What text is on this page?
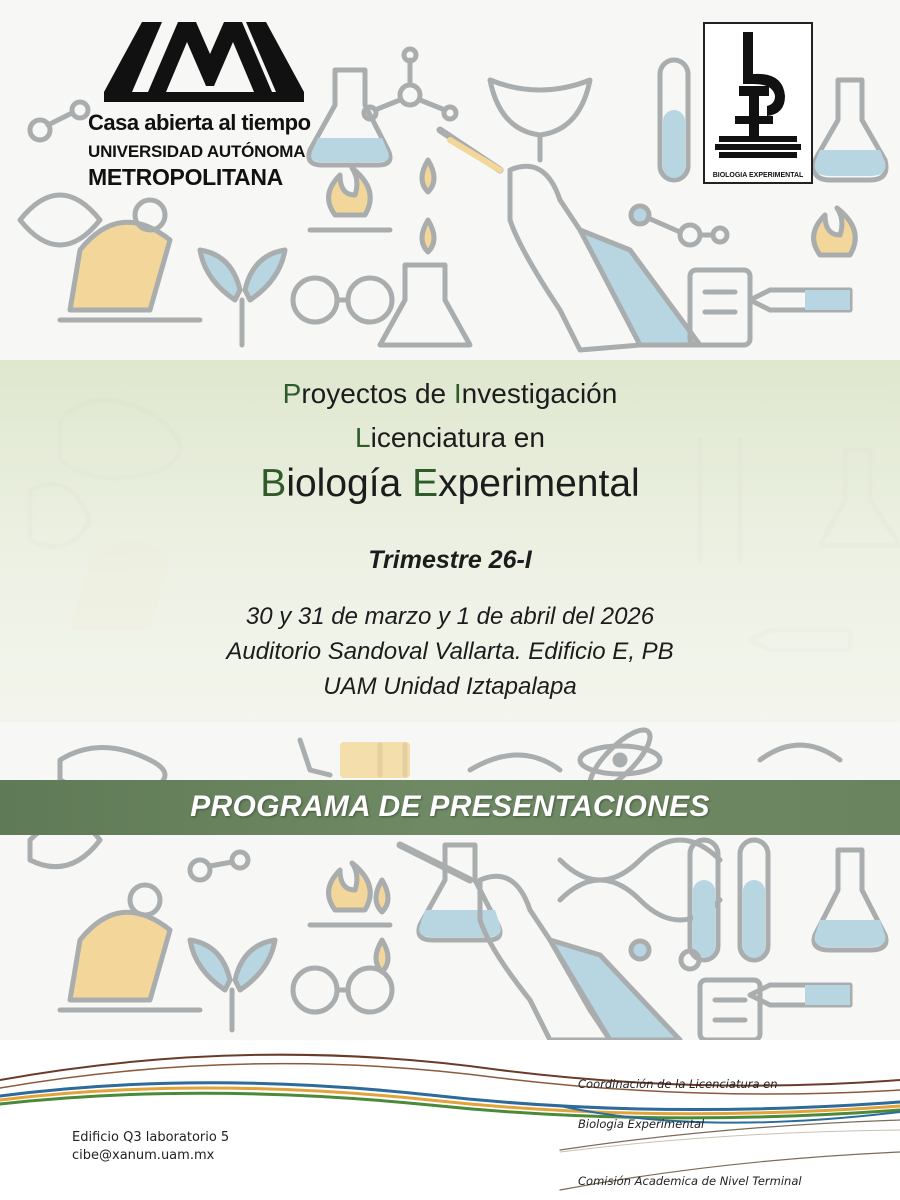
Casa abierta al tiempo
UNIVERSIDAD AUTÓNOMA
METROPOLITANA	BIOLOGIA EXPERIMENTAL
Proyectos de Investigación
Licenciatura en
Biología Experimental
Trimestre 26-I
30 y 31 de marzo y 1 de abril del 2026
Auditorio Sandoval Vallarta. Edificio E, PB
UAM Unidad Iztapalapa
PROGRAMA DE PRESENTACIONES
Edificio Q3 laboratorio 5
cibe@xanum.uam.mx
Coordinación de la Licenciatura en
Biologia Experimental
Comisión Academica de Nivel Terminal
